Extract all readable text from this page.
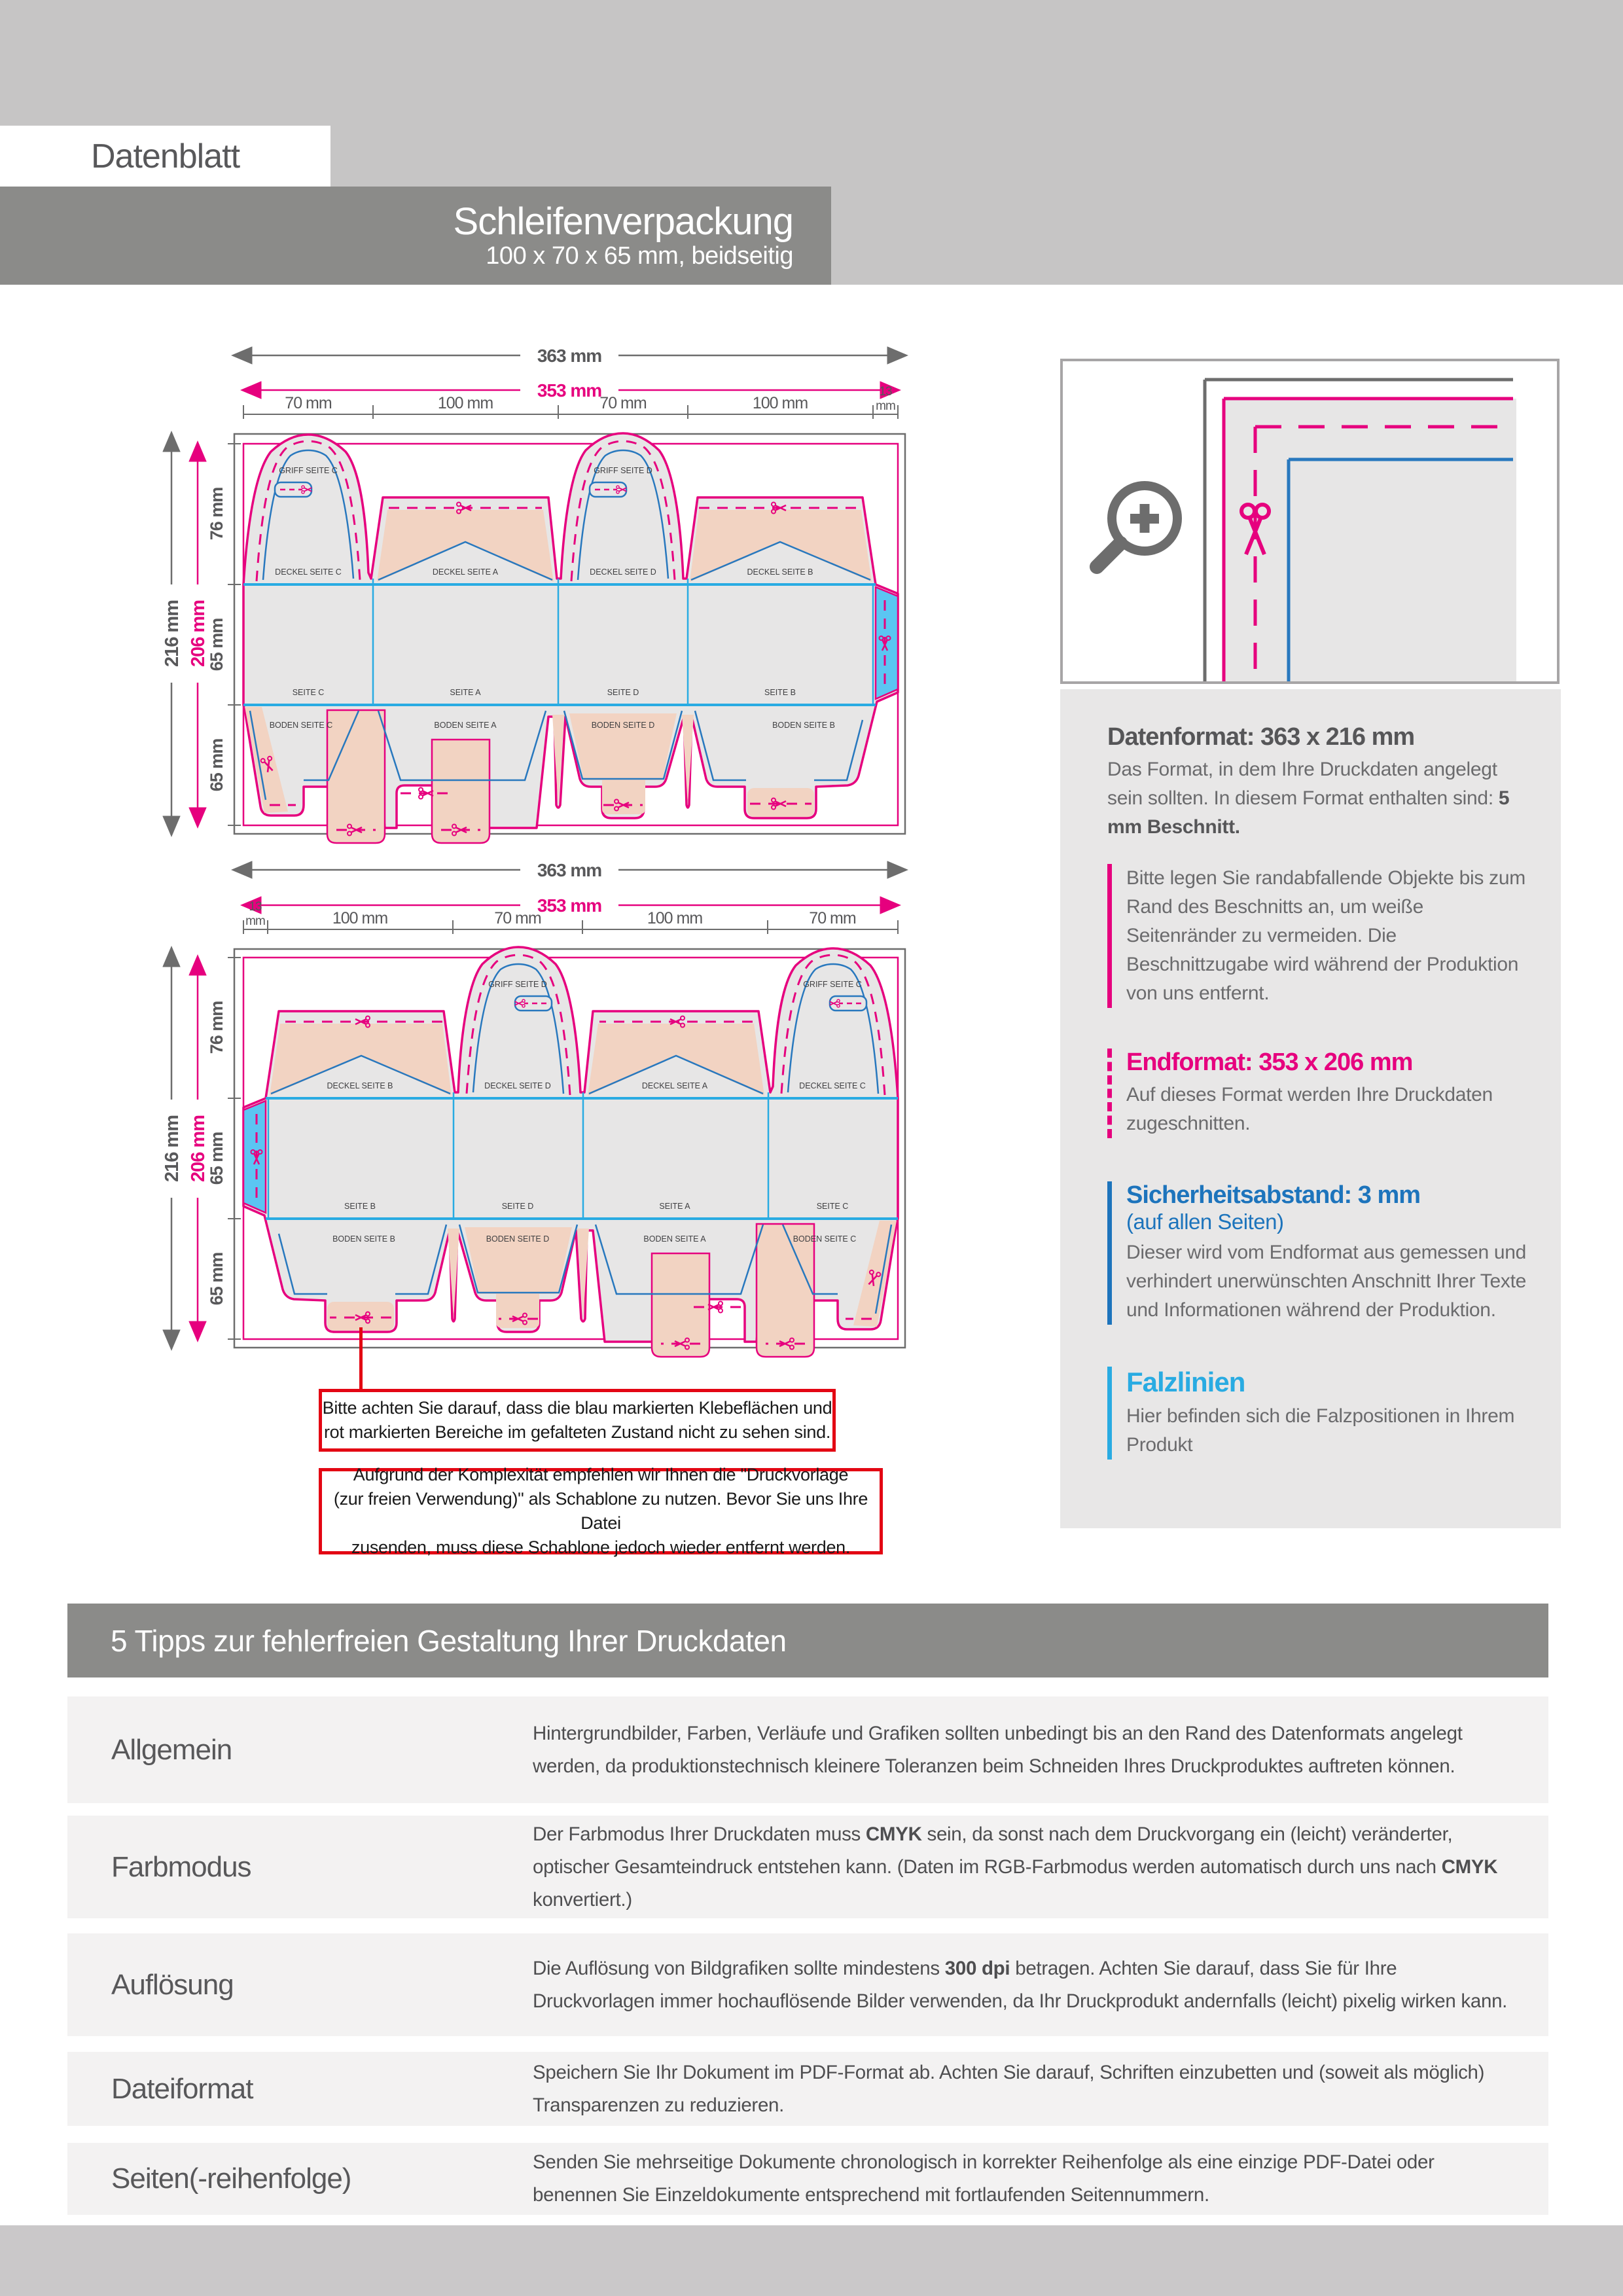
Datenblatt
Schleifenverpackung
100 x 70 x 65 mm, beidseitig
363 mm
353 mm
70 mm	100 mm	70 mm	100 mm
13
mm
216 mm 206 mm
76 mm
65 mm
65 mm
GRIFF SEITE C	GRIFF SEITE D
DECKEL SEITE C	DECKEL SEITE A	DECKEL SEITE D	DECKEL SEITE B
SEITE C	SEITE A	SEITE D	SEITE B
BODEN SEITE C	BODEN SEITE A	BODEN SEITE D	BODEN SEITE B
363 mm
353 mm
13
mm	100 mm	70 mm	100 mm	70 mm
216 mm 206 mm
76 mm
65 mm
65 mm
GRIFF SEITE D	GRIFF SEITE C
DECKEL SEITE B	DECKEL SEITE D	DECKEL SEITE A	DECKEL SEITE C
SEITE B	SEITE D	SEITE A	SEITE C
BODEN SEITE B	BODEN SEITE D	BODEN SEITE A	BODEN SEITE C
Bitte achten Sie darauf, dass die blau markierten Klebeflächen und
rot markierten Bereiche im gefalteten Zustand nicht zu sehen sind.
Aufgrund der Komplexität empfehlen wir Ihnen die "Druckvorlage
(zur freien Verwendung)" als Schablone zu nutzen. Bevor Sie uns Ihre Datei
zusenden, muss diese Schablone jedoch wieder entfernt werden.
Datenformat: 363 x 216 mm

Das Format, in dem Ihre Druckdaten angelegt sein sollten. In diesem Format enthalten sind: 5 mm Beschnitt.

Bitte legen Sie randabfallende Objekte bis zum Rand des Beschnitts an, um weiße Seitenränder zu vermeiden. Die Beschnittzugabe wird während der Produktion von uns entfernt.

Endformat: 353 x 206 mm

Auf dieses Format werden Ihre Druckdaten zugeschnitten.

Sicherheitsabstand: 3 mm
(auf allen Seiten)

Dieser wird vom Endformat aus gemessen und verhindert unerwünschten Anschnitt Ihrer Texte und Informationen während der Produktion.

Falzlinien

Hier befinden sich die Falzpositionen in Ihrem Produkt

5 Tipps zur fehlerfreien Gestaltung Ihrer Druckdaten
Allgemein

Hintergrundbilder, Farben, Verläufe und Grafiken sollten unbedingt bis an den Rand des Datenformats angelegt werden, da produktionstechnisch kleinere Toleranzen beim Schneiden Ihres Druckproduktes auftreten können.

Farbmodus

Der Farbmodus Ihrer Druckdaten muss CMYK sein, da sonst nach dem Druckvorgang ein (leicht) veränderter, optischer Gesamteindruck entstehen kann. (Daten im RGB-Farbmodus werden automatisch durch uns nach CMYK konvertiert.)

Auflösung

Die Auflösung von Bildgrafiken sollte mindestens 300 dpi betragen. Achten Sie darauf, dass Sie für Ihre Druckvorlagen immer hochauflösende Bilder verwenden, da Ihr Druckprodukt andernfalls (leicht) pixelig wirken kann.

Dateiformat

Speichern Sie Ihr Dokument im PDF-Format ab. Achten Sie darauf, Schriften einzubetten und (soweit als möglich) Transparenzen zu reduzieren.

Seiten(-reihenfolge)

Senden Sie mehrseitige Dokumente chronologisch in korrekter Reihenfolge als eine einzige PDF-Datei oder benennen Sie Einzeldokumente entsprechend mit fortlaufenden Seitennummern.
